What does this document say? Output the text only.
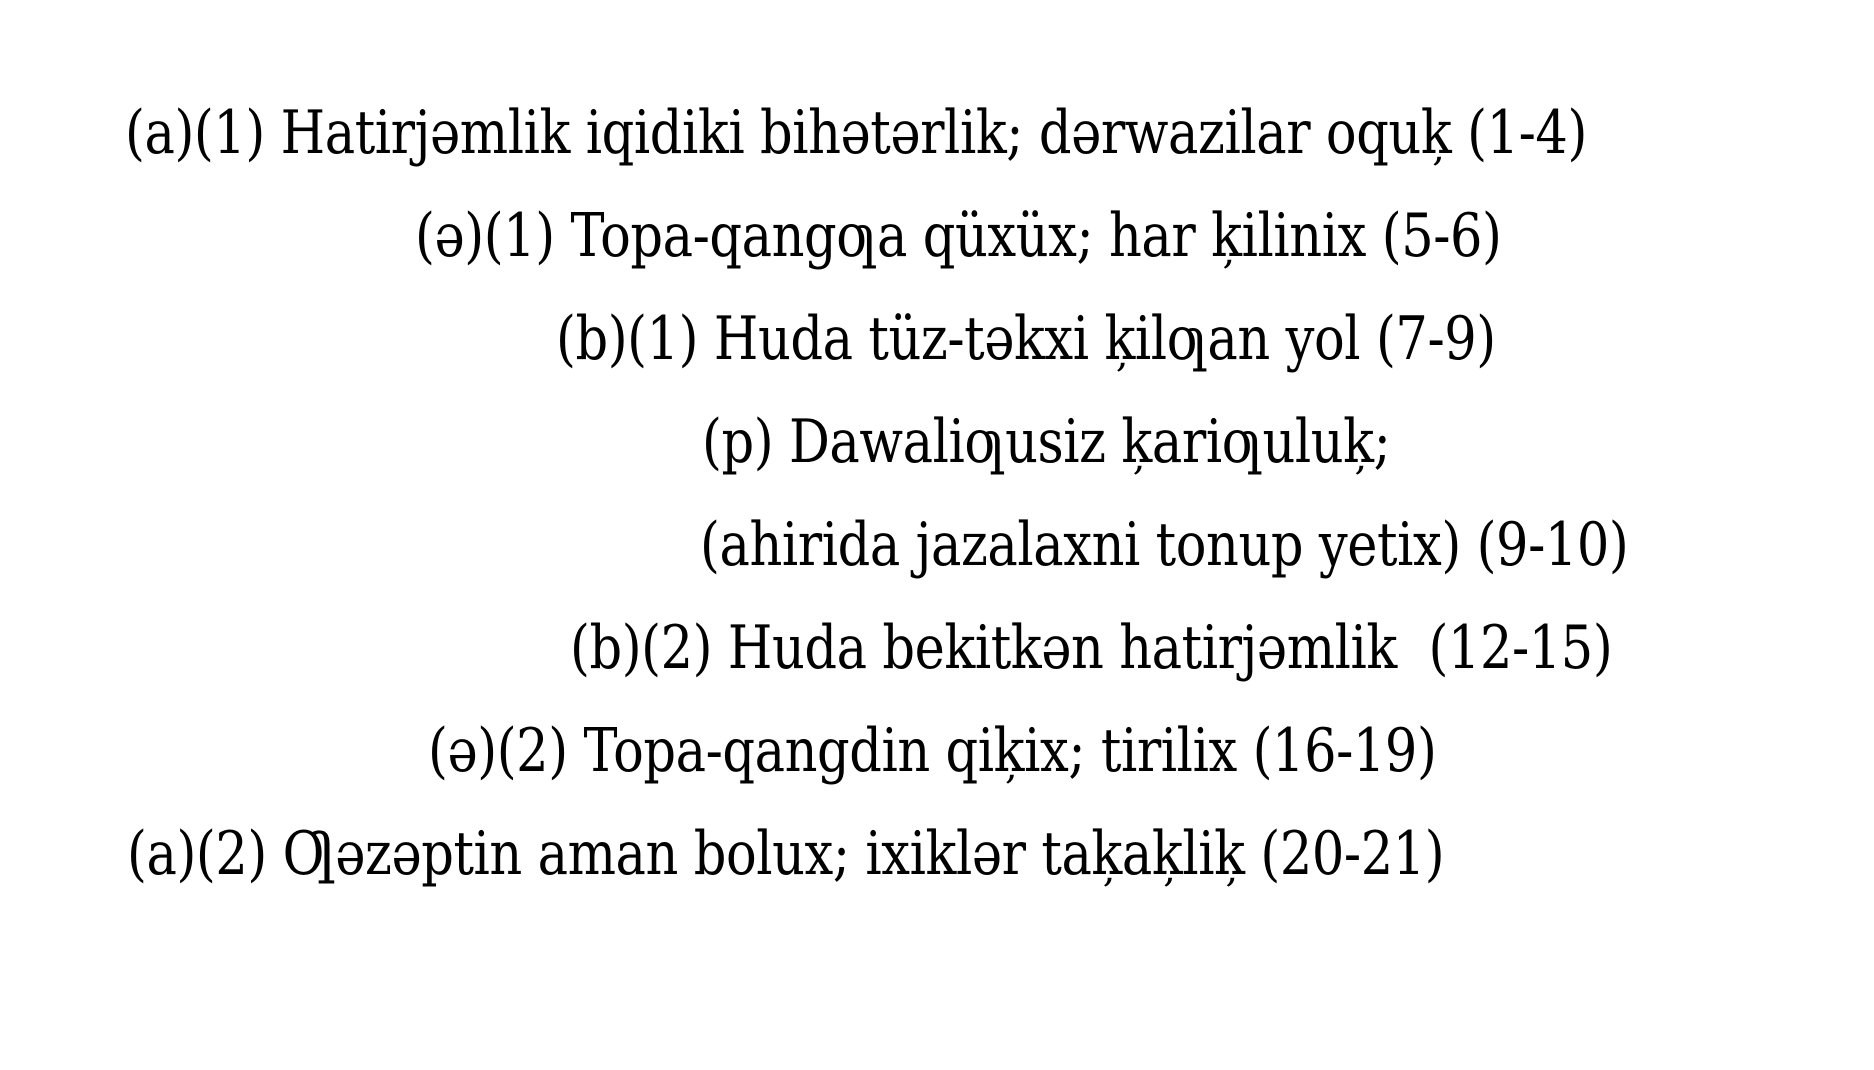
(a)(1) Hatirjəmlik iqidiki bihətərlik; dərwazilar oquķ (1-4)
(ə)(1) Topa-qangƣa qüxüx; har ķilinix (5-6)
(b)(1) Huda tüz-təkxi ķilƣan yol (7-9)
(p) Dawaliƣusiz ķariƣuluķ;
(ahirida jazalaxni tonup yetix) (9-10)
(b)(2) Huda bekitkən hatirjəmlik  (12-15)
(ə)(2) Topa-qangdin qiķix; tirilix (16-19)
(a)(2) Ƣəzəptin aman bolux; ixiklər taķaķliķ (20-21)
